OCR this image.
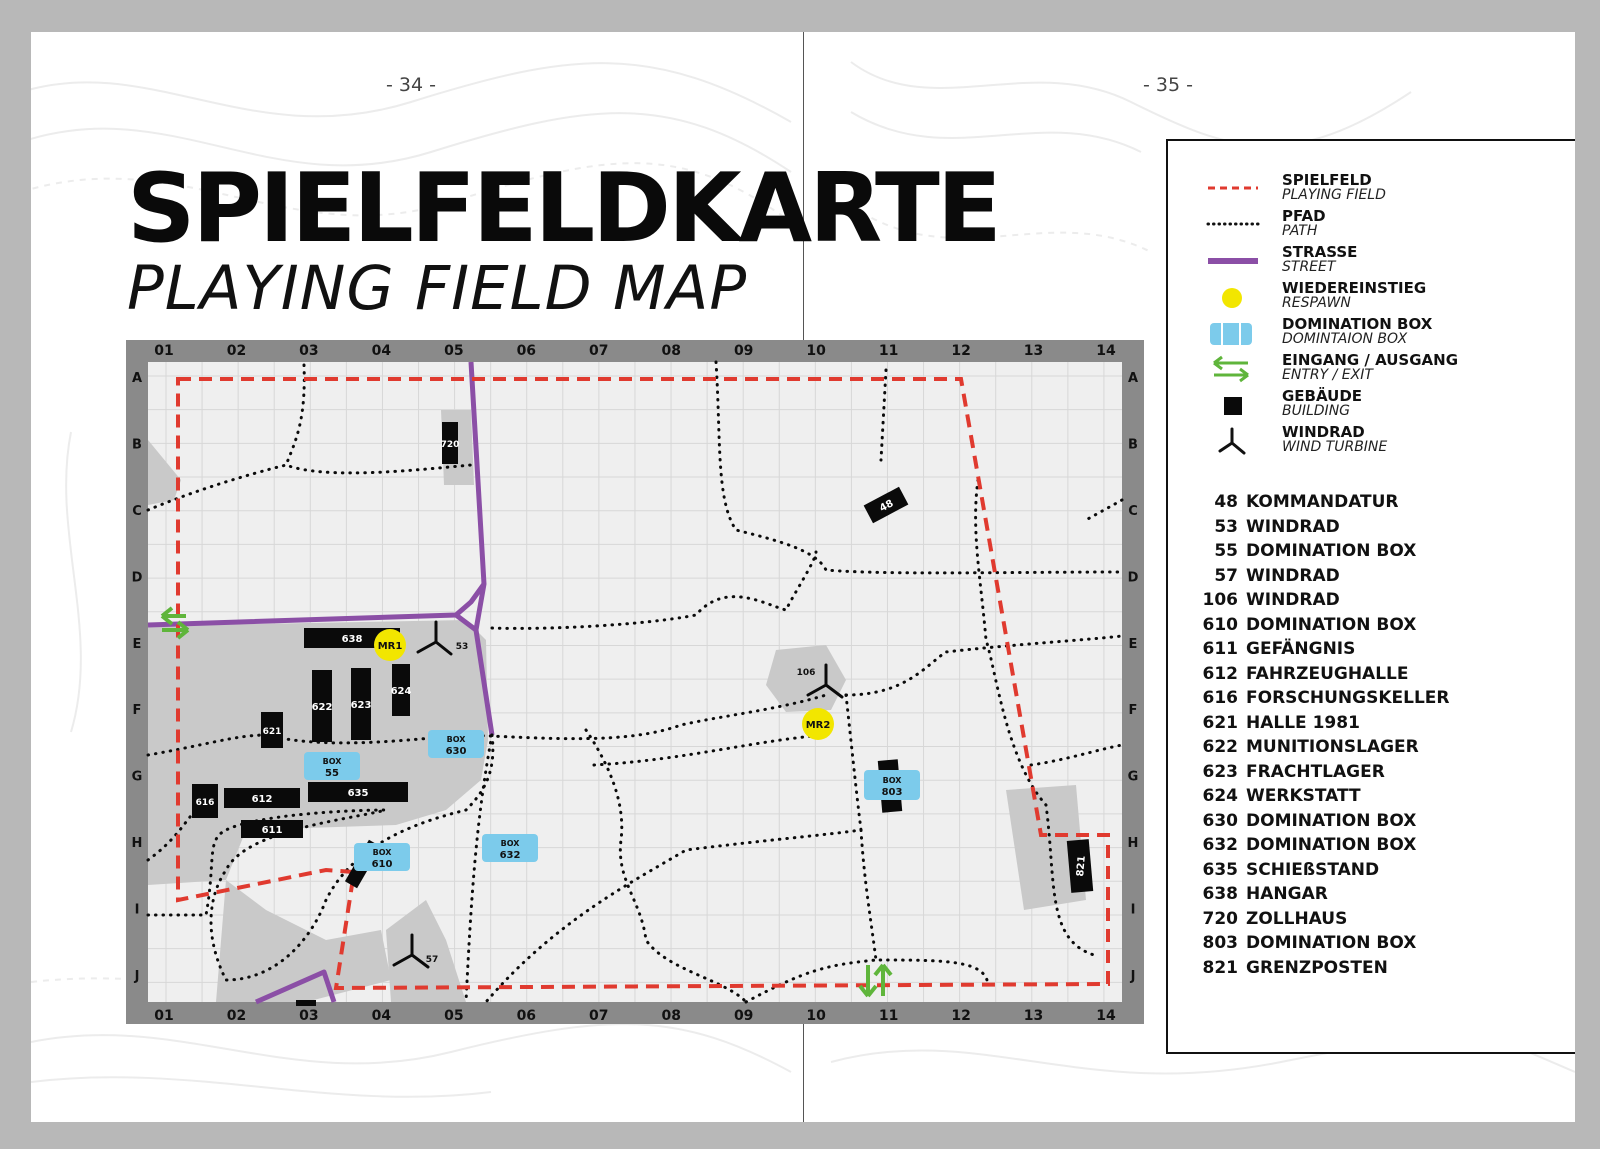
- 34 -	- 35 -
SPIELFELDKARTE
PLAYING FIELD MAP
01
01
02
02
03
03
04
04
05
05
06
06
07
07
08
08
09
09
10
10
11
11
12
12
13
13
14
14
A	A
B	B
C	C
D	D
E	E
F	F
G	G
H	H
I	I
J	J
720
48
638
53
MR1
622 623
624
621
BOX
55
BOX
630
616	612
635
611
BOX
610
BOX
632
106
MR2
BOX
803
821
57
SPIELFELD
PLAYING FIELD
PFAD
PATH
STRASSE
STREET
WIEDEREINSTIEG
RESPAWN
DOMINATION BOX
DOMINTAION BOX
EINGANG / AUSGANG
ENTRY / EXIT
GEBÄUDE
BUILDING
WINDRAD
WIND TURBINE
48 KOMMANDATUR
53 WINDRAD
55 DOMINATION BOX
57 WINDRAD
106 WINDRAD
610 DOMINATION BOX
611 GEFÄNGNIS
612 FAHRZEUGHALLE
616 FORSCHUNGSKELLER
621 HALLE 1981
622 MUNITIONSLAGER
623 FRACHTLAGER
624 WERKSTATT
630 DOMINATION BOX
632 DOMINATION BOX
635 SCHIEßSTAND
638 HANGAR
720 ZOLLHAUS
803 DOMINATION BOX
821 GRENZPOSTEN
